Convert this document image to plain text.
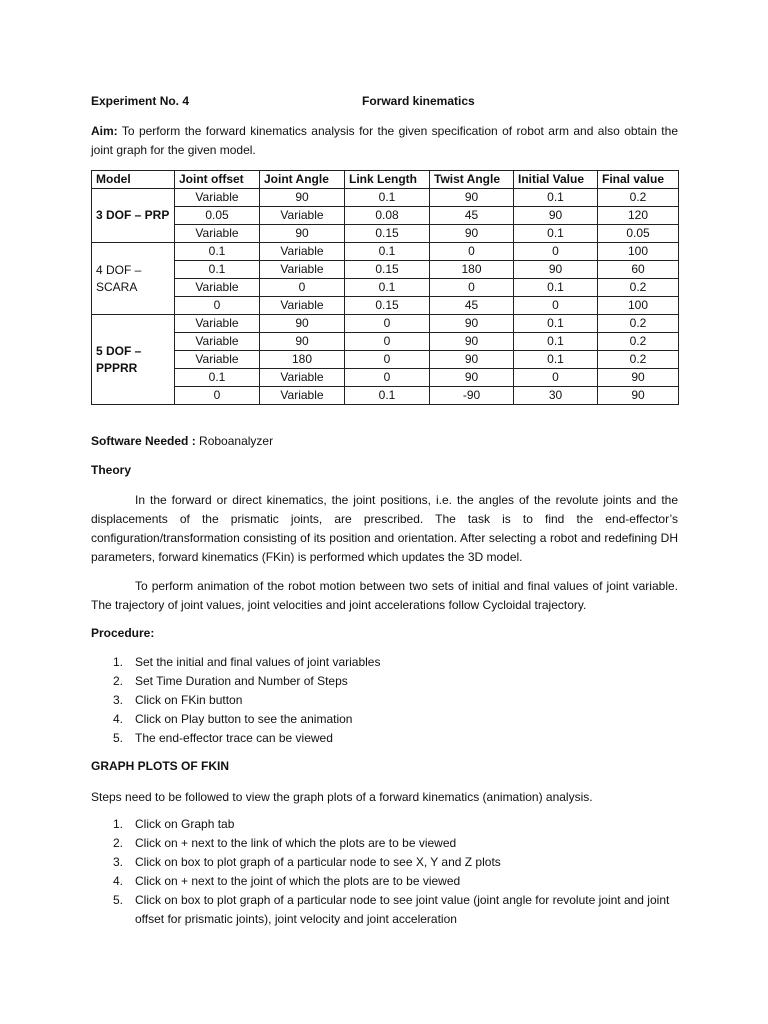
Experiment No. 4	Forward kinematics
Aim: To perform the forward kinematics analysis for the given specification of robot arm and also obtain the joint graph for the given model.
Model	Joint offset	Joint Angle	Link Length	Twist Angle	Initial Value	Final value
3 DOF – PRP	Variable	90	0.1	90	0.1	0.2
	0.05	Variable	0.08	45	90	120
	Variable	90	0.15	90	0.1	0.05
4 DOF – SCARA	0.1	Variable	0.1	0	0	100
	0.1	Variable	0.15	180	90	60
	Variable	0	0.1	0	0.1	0.2
	0	Variable	0.15	45	0	100
5 DOF – PPPRR	Variable	90	0	90	0.1	0.2
	Variable	90	0	90	0.1	0.2
	Variable	180	0	90	0.1	0.2
	0.1	Variable	0	90	0	90
	0	Variable	0.1	-90	30	90
Software Needed : Roboanalyzer
Theory
In the forward or direct kinematics, the joint positions, i.e. the angles of the revolute joints and the displacements of the prismatic joints, are prescribed. The task is to find the end-effector’s configuration/transformation consisting of its position and orientation. After selecting a robot and redefining DH parameters, forward kinematics (FKin) is performed which updates the 3D model.
To perform animation of the robot motion between two sets of initial and final values of joint variable. The trajectory of joint values, joint velocities and joint accelerations follow Cycloidal trajectory.
Procedure:
1. Set the initial and final values of joint variables
2. Set Time Duration and Number of Steps
3. Click on FKin button
4. Click on Play button to see the animation
5. The end-effector trace can be viewed
GRAPH PLOTS OF FKIN
Steps need to be followed to view the graph plots of a forward kinematics (animation) analysis.
1. Click on Graph tab
2. Click on + next to the link of which the plots are to be viewed
3. Click on box to plot graph of a particular node to see X, Y and Z plots
4. Click on + next to the joint of which the plots are to be viewed
5. Click on box to plot graph of a particular node to see joint value (joint angle for revolute joint and joint offset for prismatic joints), joint velocity and joint acceleration
